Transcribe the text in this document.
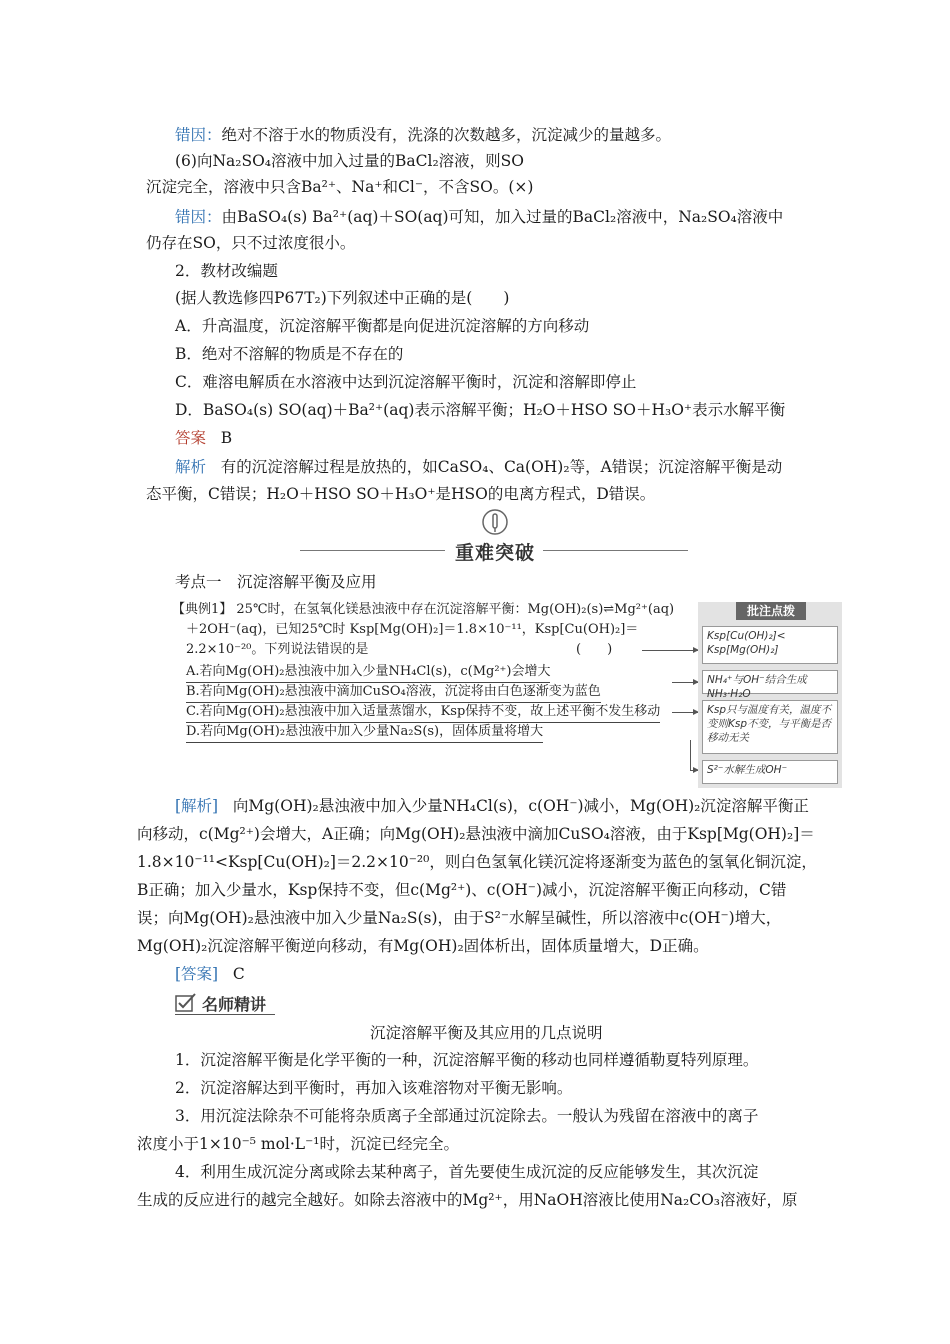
错因：绝对不溶于水的物质没有，洗涤的次数越多，沉淀减少的量越多。
(6)向Na₂SO₄溶液中加入过量的BaCl₂溶液，则SO
沉淀完全，溶液中只含Ba²⁺、Na⁺和Cl⁻，不含SO。(×)
错因：由BaSO₄(s) Ba²⁺(aq)＋SO(aq)可知，加入过量的BaCl₂溶液中，Na₂SO₄溶液中
仍存在SO，只不过浓度很小。
2．教材改编题
(据人教选修四P67T₂)下列叙述中正确的是(　　)
A．升高温度，沉淀溶解平衡都是向促进沉淀溶解的方向移动
B．绝对不溶解的物质是不存在的
C．难溶电解质在水溶液中达到沉淀溶解平衡时，沉淀和溶解即停止
D．BaSO₄(s) SO(aq)＋Ba²⁺(aq)表示溶解平衡；H₂O＋HSO SO＋H₃O⁺表示水解平衡
答案 B
解析 有的沉淀溶解过程是放热的，如CaSO₄、Ca(OH)₂等，A错误；沉淀溶解平衡是动
态平衡，C错误；H₂O＋HSO SO＋H₃O⁺是HSO的电离方程式，D错误。
重难突破
考点一　沉淀溶解平衡及应用
【典例1】 25℃时，在氢氧化镁悬浊液中存在沉淀溶解平衡：Mg(OH)₂(s)⇌Mg²⁺(aq)
＋2OH⁻(aq)，已知25℃时 Ksp[Mg(OH)₂]＝1.8×10⁻¹¹，Ksp[Cu(OH)₂]＝
2.2×10⁻²⁰。下列说法错误的是	(　　)
A.若向Mg(OH)₂悬浊液中加入少量NH₄Cl(s)，c(Mg²⁺)会增大
B.若向Mg(OH)₂悬浊液中滴加CuSO₄溶液，沉淀将由白色逐渐变为蓝色
C.若向Mg(OH)₂悬浊液中加入适量蒸馏水，Ksp保持不变，故上述平衡不发生移动
D.若向Mg(OH)₂悬浊液中加入少量Na₂S(s)，固体质量将增大
批注点拨
Ksp[Cu(OH)₂]< Ksp[Mg(OH)₂]
NH₄⁺与OH⁻结合生成NH₃·H₂O
Ksp只与温度有关，温度不变则Ksp不变，与平衡是否移动无关
S²⁻水解生成OH⁻
[解析] 向Mg(OH)₂悬浊液中加入少量NH₄Cl(s)，c(OH⁻)减小，Mg(OH)₂沉淀溶解平衡正
向移动，c(Mg²⁺)会增大，A正确；向Mg(OH)₂悬浊液中滴加CuSO₄溶液，由于Ksp[Mg(OH)₂]＝
1.8×10⁻¹¹<Ksp[Cu(OH)₂]＝2.2×10⁻²⁰，则白色氢氧化镁沉淀将逐渐变为蓝色的氢氧化铜沉淀，
B正确；加入少量水，Ksp保持不变，但c(Mg²⁺)、c(OH⁻)减小，沉淀溶解平衡正向移动，C错
误；向Mg(OH)₂悬浊液中加入少量Na₂S(s)，由于S²⁻水解呈碱性，所以溶液中c(OH⁻)增大，
Mg(OH)₂沉淀溶解平衡逆向移动，有Mg(OH)₂固体析出，固体质量增大，D正确。
[答案] C
名师精讲
沉淀溶解平衡及其应用的几点说明
1．沉淀溶解平衡是化学平衡的一种，沉淀溶解平衡的移动也同样遵循勒夏特列原理。
2．沉淀溶解达到平衡时，再加入该难溶物对平衡无影响。
3．用沉淀法除杂不可能将杂质离子全部通过沉淀除去。一般认为残留在溶液中的离子
浓度小于1×10⁻⁵ mol·L⁻¹时，沉淀已经完全。
4．利用生成沉淀分离或除去某种离子，首先要使生成沉淀的反应能够发生，其次沉淀
生成的反应进行的越完全越好。如除去溶液中的Mg²⁺，用NaOH溶液比使用Na₂CO₃溶液好，原
